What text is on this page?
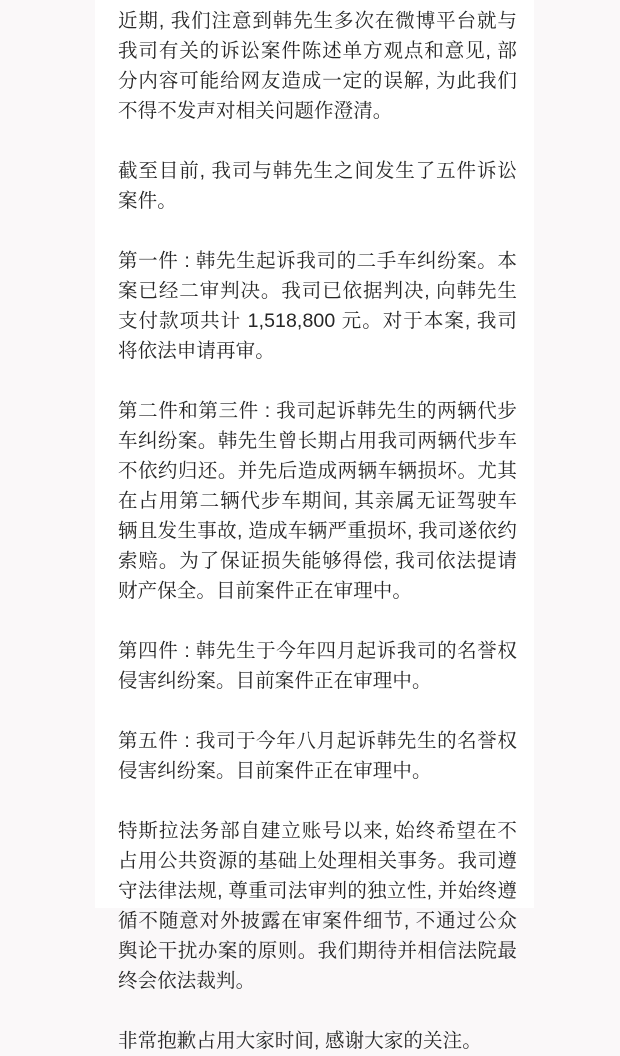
近期, 我们注意到韩先生多次在微博平台就与我司有关的诉讼案件陈述单方观点和意见, 部分内容可能给网友造成一定的误解, 为此我们不得不发声对相关问题作澄清。

截至目前, 我司与韩先生之间发生了五件诉讼案件。

第一件 : 韩先生起诉我司的二手车纠纷案。本案已经二审判决。我司已依据判决, 向韩先生支付款项共计 1,518,800 元。对于本案, 我司将依法申请再审。

第二件和第三件 : 我司起诉韩先生的两辆代步车纠纷案。韩先生曾长期占用我司两辆代步车不依约归还。并先后造成两辆车辆损坏。尤其在占用第二辆代步车期间, 其亲属无证驾驶车辆且发生事故, 造成车辆严重损坏, 我司遂依约索赔。为了保证损失能够得偿, 我司依法提请财产保全。目前案件正在审理中。

第四件 : 韩先生于今年四月起诉我司的名誉权侵害纠纷案。目前案件正在审理中。

第五件 : 我司于今年八月起诉韩先生的名誉权侵害纠纷案。目前案件正在审理中。

特斯拉法务部自建立账号以来, 始终希望在不占用公共资源的基础上处理相关事务。我司遵守法律法规, 尊重司法审判的独立性, 并始终遵循不随意对外披露在审案件细节, 不通过公众舆论干扰办案的原则。我们期待并相信法院最终会依法裁判。

非常抱歉占用大家时间, 感谢大家的关注。
